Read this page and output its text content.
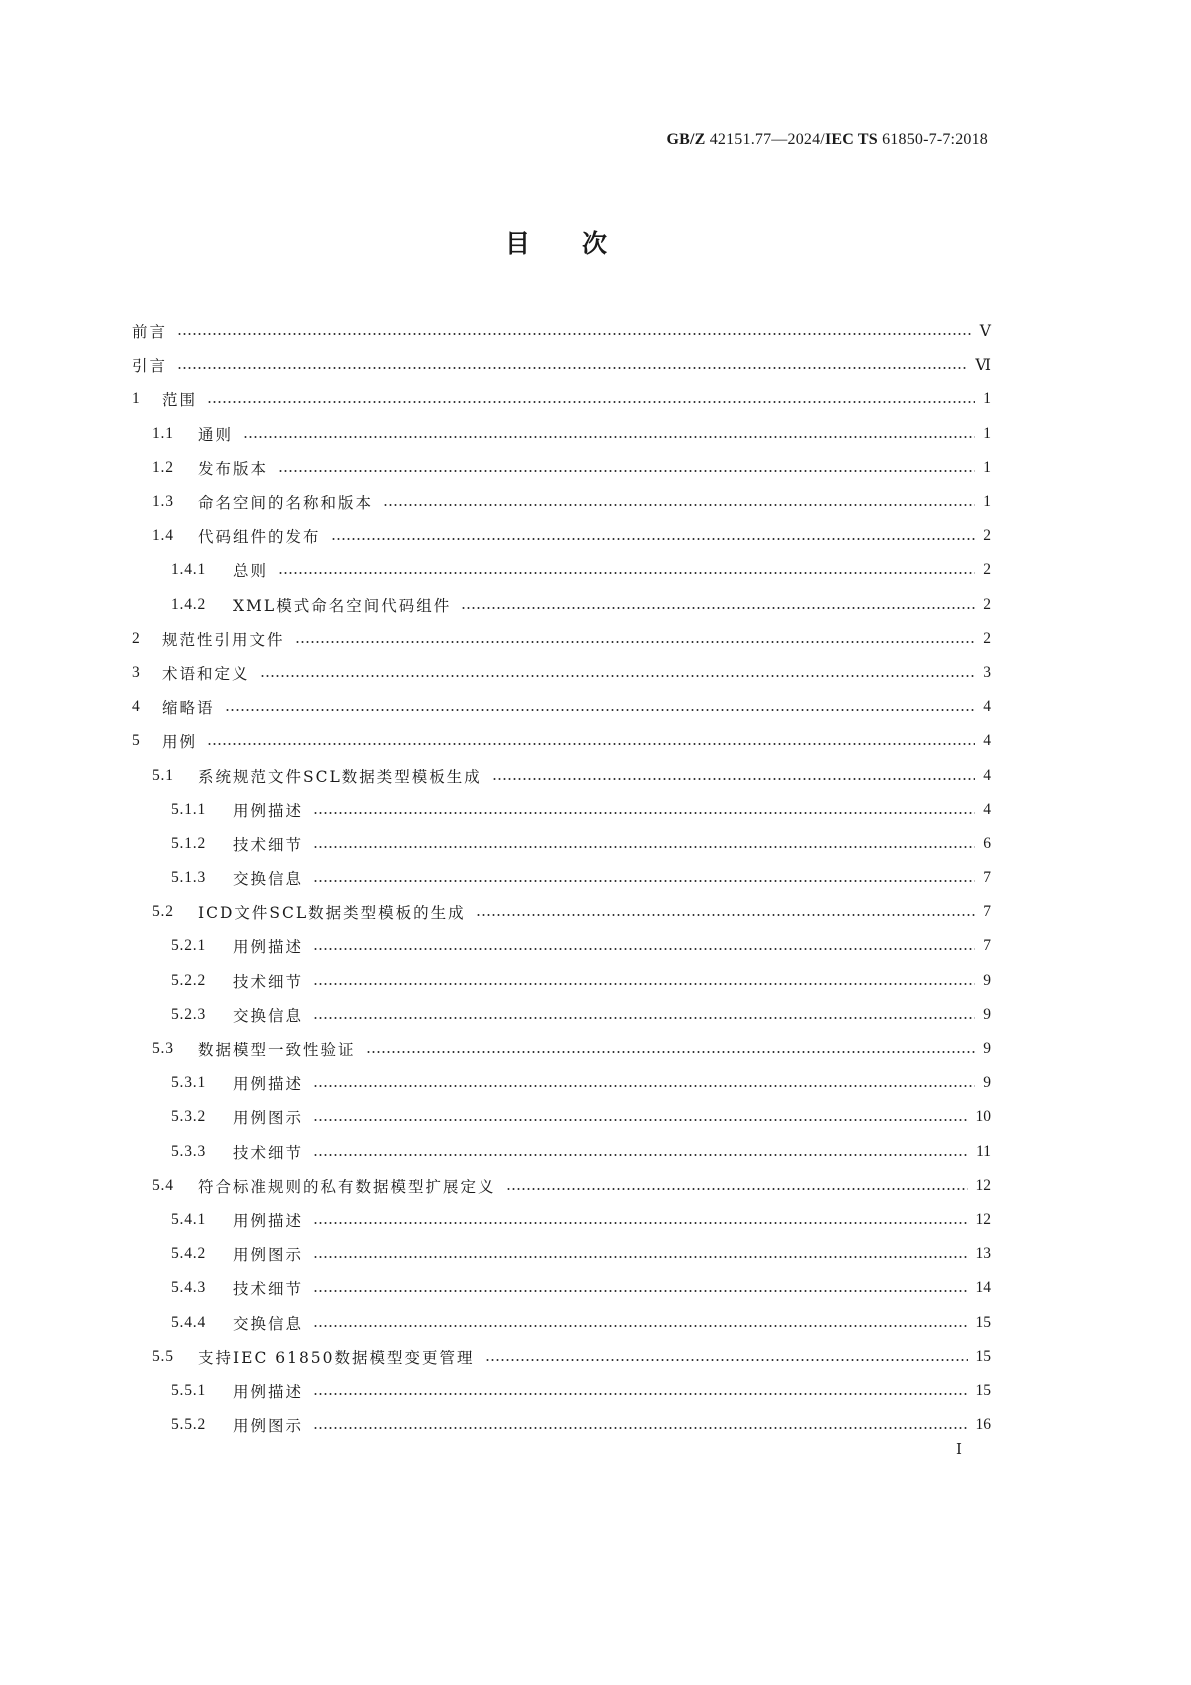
GB/Z 42151.77—2024/IEC TS 61850-7-7:2018
目次
前言	Ⅴ
引言	Ⅵ
1	范围	1
1.1	通则	1
1.2	发布版本	1
1.3	命名空间的名称和版本	1
1.4	代码组件的发布	2
1.4.1	总则	2
1.4.2	XML模式命名空间代码组件	2
2	规范性引用文件	2
3	术语和定义	3
4	缩略语	4
5	用例	4
5.1	系统规范文件SCL数据类型模板生成	4
5.1.1	用例描述	4
5.1.2	技术细节	6
5.1.3	交换信息	7
5.2	ICD文件SCL数据类型模板的生成	7
5.2.1	用例描述	7
5.2.2	技术细节	9
5.2.3	交换信息	9
5.3	数据模型一致性验证	9
5.3.1	用例描述	9
5.3.2	用例图示	10
5.3.3	技术细节	11
5.4	符合标准规则的私有数据模型扩展定义	12
5.4.1	用例描述	12
5.4.2	用例图示	13
5.4.3	技术细节	14
5.4.4	交换信息	15
5.5	支持IEC 61850数据模型变更管理	15
5.5.1	用例描述	15
5.5.2	用例图示	16
Ⅰ
